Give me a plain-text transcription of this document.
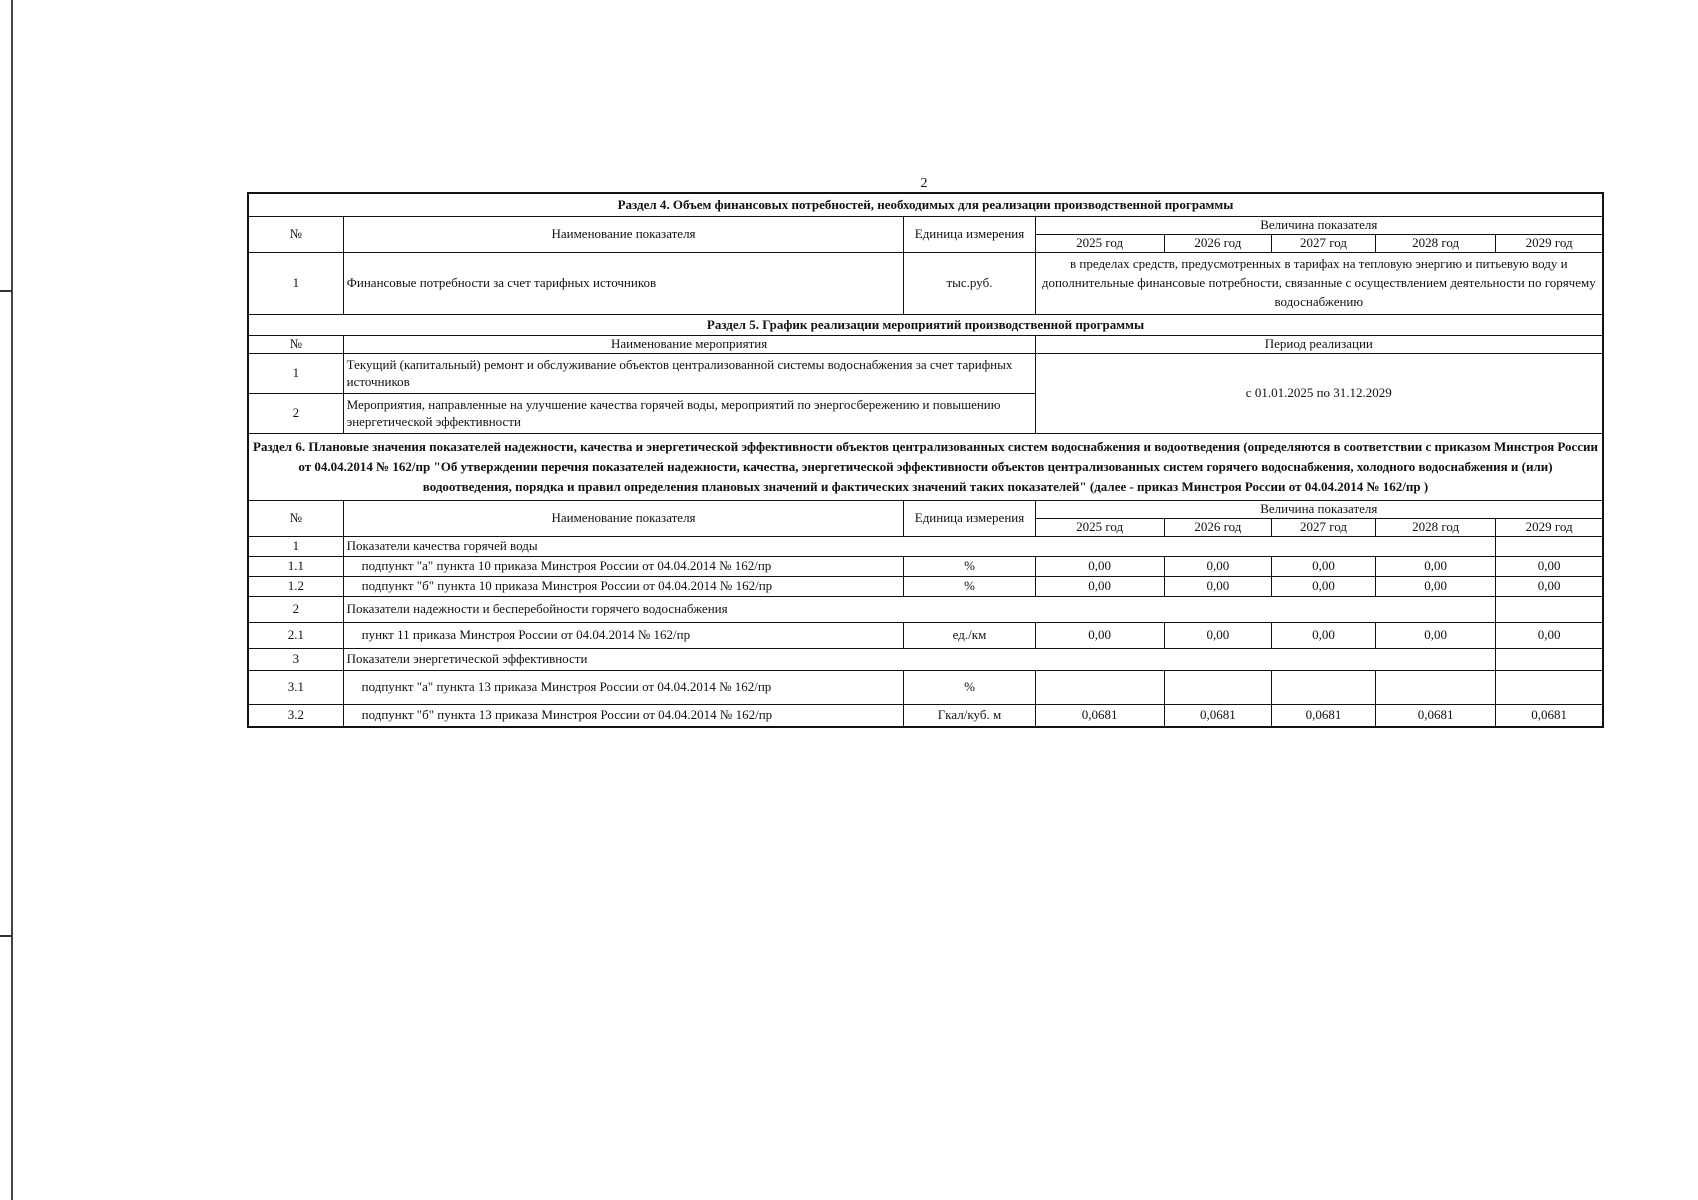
2
Раздел 4. Объем финансовых потребностей, необходимых для реализации производственной программы							
№	Наименование показателя	Единица измерения	Величина показателя				
			2025 год	2026 год	2027 год	2028 год	2029 год
1	Финансовые потребности за счет тарифных источников	тыс.руб.	в пределах средств, предусмотренных в тарифах на тепловую энергию и питьевую воду и дополнительные финансовые потребности, связанные с осуществлением деятельности по горячему водоснабжению				
Раздел 5. График реализации мероприятий производственной программы							
№	Наименование мероприятия		Период реализации				
1	Текущий (капитальный) ремонт и обслуживание объектов централизованной системы водоснабжения за счет тарифных источников		с 01.01.2025 по 31.12.2029				
2	Мероприятия, направленные на улучшение качества горячей воды, мероприятий по энергосбережению и повышению энергетической эффективности						
Раздел 6. Плановые значения показателей надежности, качества и энергетической эффективности объектов централизованных систем водоснабжения и водоотведения (определяются в соответствии с приказом Минстроя России от 04.04.2014 № 162/пр "Об утверждении перечня показателей надежности, качества, энергетической эффективности объектов централизованных систем горячего водоснабжения, холодного водоснабжения и (или) водоотведения, порядка и правил определения плановых значений и фактических значений таких показателей" (далее - приказ Минстроя России от 04.04.2014 № 162/пр )							
№	Наименование показателя	Единица измерения	Величина показателя				
			2025 год	2026 год	2027 год	2028 год	2029 год
1	Показатели качества горячей воды						
1.1	подпункт "а" пункта 10 приказа Минстроя России от 04.04.2014 № 162/пр	%	0,00	0,00	0,00	0,00	0,00
1.2	подпункт "б" пункта 10 приказа Минстроя России от 04.04.2014 № 162/пр	%	0,00	0,00	0,00	0,00	0,00
2	Показатели надежности и бесперебойности горячего водоснабжения						
2.1	пункт 11 приказа Минстроя России от 04.04.2014 № 162/пр	ед./км	0,00	0,00	0,00	0,00	0,00
3	Показатели энергетической эффективности						
3.1	подпункт "а" пункта 13 приказа Минстроя России от 04.04.2014 № 162/пр	%					
3.2	подпункт "б" пункта 13 приказа Минстроя России от 04.04.2014 № 162/пр	Гкал/куб. м	0,0681	0,0681	0,0681	0,0681	0,0681
